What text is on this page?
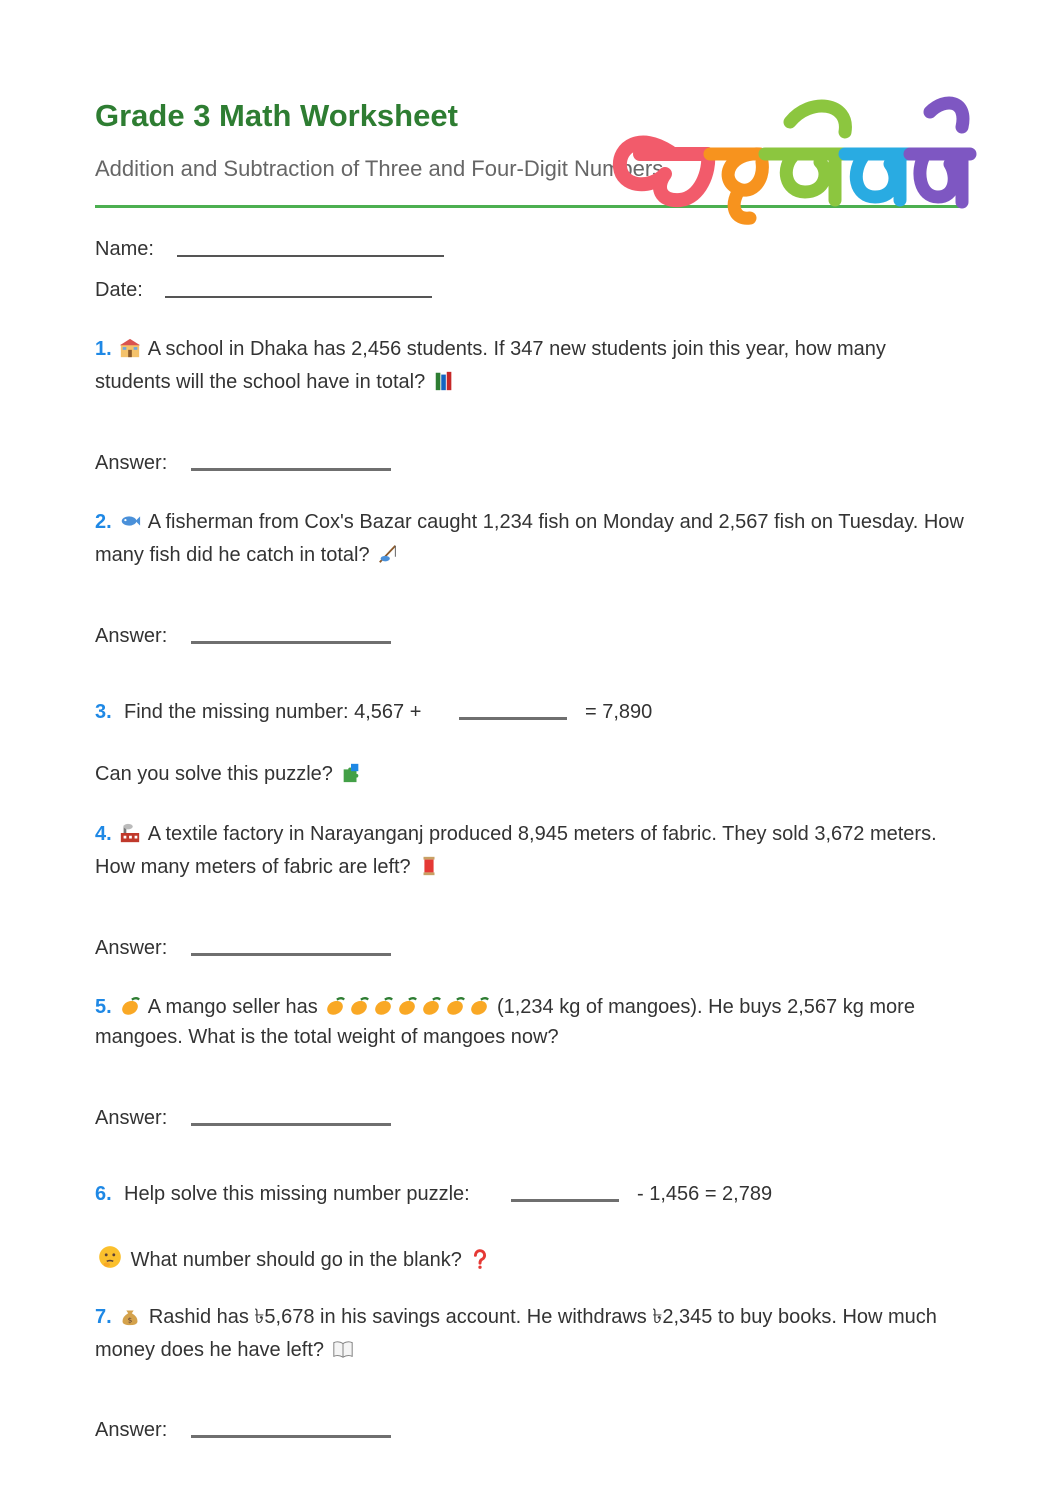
Grade 3 Math Worksheet
Addition and Subtraction of Three and Four-Digit Numbers
Name:
Date:
1. A school in Dhaka has 2,456 students. If 347 new students join this year, how many students will the school have in total?
Answer:
2. A fisherman from Cox's Bazar caught 1,234 fish on Monday and 2,567 fish on Tuesday. How many fish did he catch in total?
Answer:
3. Find the missing number: 4,567 +	= 7,890
Can you solve this puzzle?
4. A textile factory in Narayanganj produced 8,945 meters of fabric. They sold 3,672 meters. How many meters of fabric are left?
Answer:
5. A mango seller has	(1,234 kg of mangoes). He buys 2,567 kg more mangoes. What is the total weight of mangoes now?
Answer:
6. Help solve this missing number puzzle:	- 1,456 = 2,789
What number should go in the blank?
7. $ Rashid has ৳5,678 in his savings account. He withdraws ৳2,345 to buy books. How much money does he have left?
Answer:
